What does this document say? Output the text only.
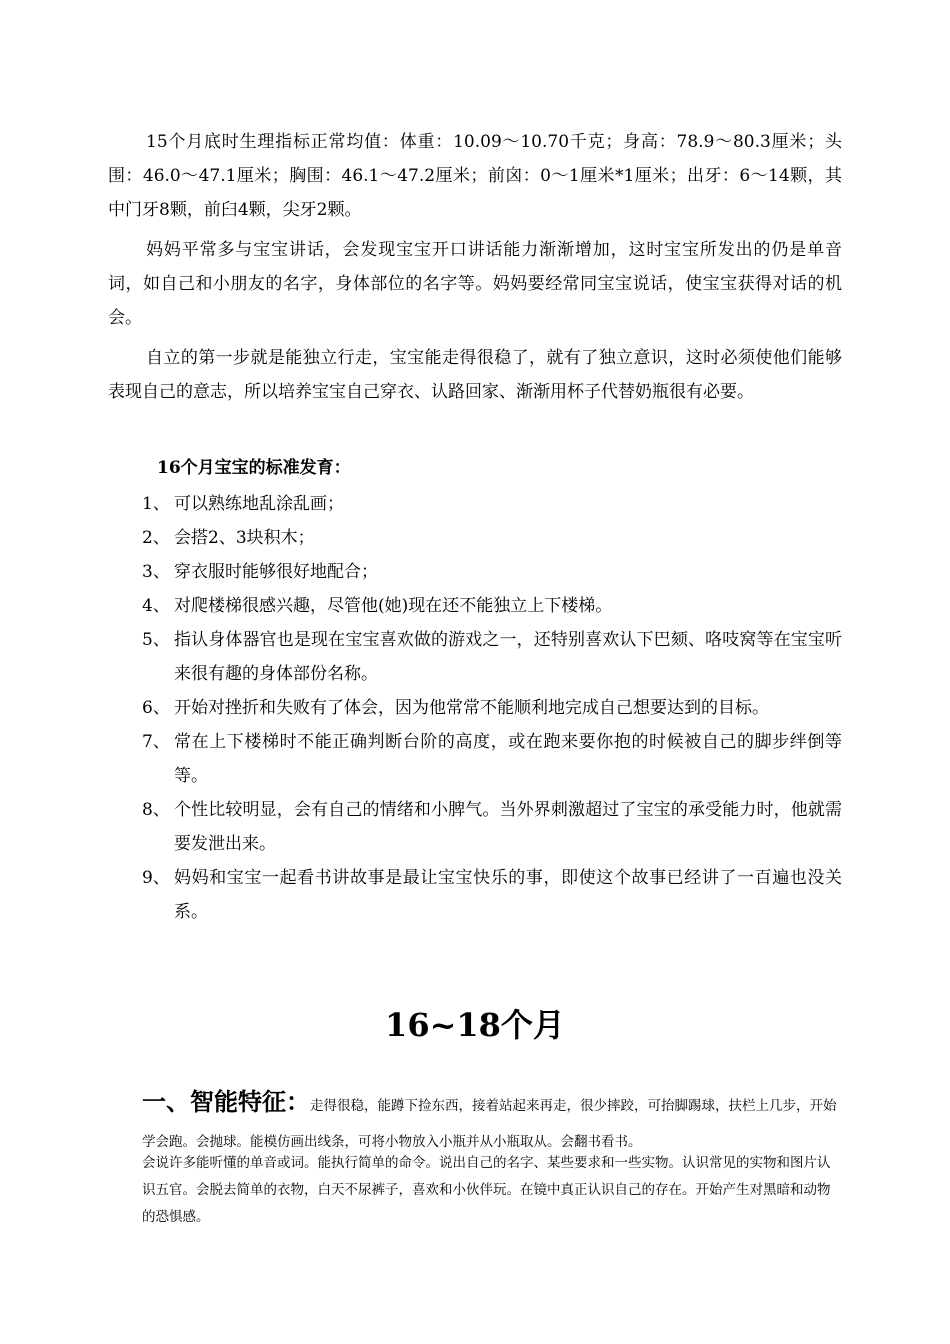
15个月底时生理指标正常均值：体重：10.09～10.70千克；身高：78.9～80.3厘米；头围：46.0～47.1厘米；胸围：46.1～47.2厘米；前囟：0～1厘米*1厘米；出牙：6～14颗，其中门牙8颗，前臼4颗，尖牙2颗。

妈妈平常多与宝宝讲话，会发现宝宝开口讲话能力渐渐增加，这时宝宝所发出的仍是单音词，如自己和小朋友的名字，身体部位的名字等。妈妈要经常同宝宝说话，使宝宝获得对话的机会。

自立的第一步就是能独立行走，宝宝能走得很稳了，就有了独立意识，这时必须使他们能够表现自己的意志，所以培养宝宝自己穿衣、认路回家、渐渐用杯子代替奶瓶很有必要。

16个月宝宝的标准发育：
1、 可以熟练地乱涂乱画；
2、 会搭2、3块积木；
3、 穿衣服时能够很好地配合；
4、 对爬楼梯很感兴趣，尽管他(她)现在还不能独立上下楼梯。
5、 指认身体器官也是现在宝宝喜欢做的游戏之一，还特别喜欢认下巴颏、咯吱窝等在宝宝听来很有趣的身体部份名称。
6、 开始对挫折和失败有了体会，因为他常常不能顺利地完成自己想要达到的目标。
7、 常在上下楼梯时不能正确判断台阶的高度，或在跑来要你抱的时候被自己的脚步绊倒等等。
8、 个性比较明显，会有自己的情绪和小脾气。当外界刺激超过了宝宝的承受能力时，他就需要发泄出来。
9、 妈妈和宝宝一起看书讲故事是最让宝宝快乐的事，即使这个故事已经讲了一百遍也没关系。
16~18个月

一、智能特征：走得很稳，能蹲下捡东西，接着站起来再走，很少摔跤，可抬脚踢球，扶栏上几步，开始学会跑。会抛球。能模仿画出线条，可将小物放入小瓶并从小瓶取从。会翻书看书。

会说许多能听懂的单音或词。能执行简单的命令。说出自己的名字、某些要求和一些实物。认识常见的实物和图片认识五官。会脱去简单的衣物，白天不尿裤子，喜欢和小伙伴玩。在镜中真正认识自己的存在。开始产生对黑暗和动物的恐惧感。
